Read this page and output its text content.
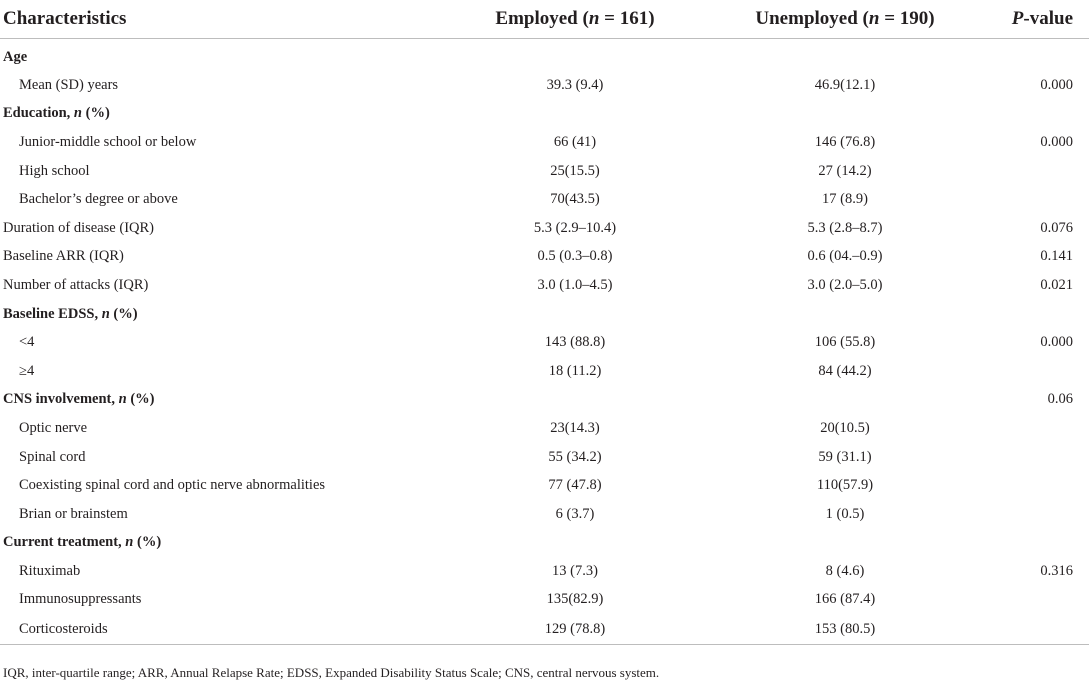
Characteristics	Employed (n = 161)	Unemployed (n = 190)	P-value
Age			
Mean (SD) years	39.3 (9.4)	46.9(12.1)	0.000
Education, n (%)			
Junior-middle school or below	66 (41)	146 (76.8)	0.000
High school	25(15.5)	27 (14.2)	
Bachelor’s degree or above	70(43.5)	17 (8.9)	
Duration of disease (IQR)	5.3 (2.9–10.4)	5.3 (2.8–8.7)	0.076
Baseline ARR (IQR)	0.5 (0.3–0.8)	0.6 (04.–0.9)	0.141
Number of attacks (IQR)	3.0 (1.0–4.5)	3.0 (2.0–5.0)	0.021
Baseline EDSS, n (%)			
<4	143 (88.8)	106 (55.8)	0.000
≥4	18 (11.2)	84 (44.2)	
CNS involvement, n (%)			0.06
Optic nerve	23(14.3)	20(10.5)	
Spinal cord	55 (34.2)	59 (31.1)	
Coexisting spinal cord and optic nerve abnormalities	77 (47.8)	110(57.9)	
Brian or brainstem	6 (3.7)	1 (0.5)	
Current treatment, n (%)			
Rituximab	13 (7.3)	8 (4.6)	0.316
Immunosuppressants	135(82.9)	166 (87.4)	
Corticosteroids	129 (78.8)	153 (80.5)	
IQR, inter-quartile range; ARR, Annual Relapse Rate; EDSS, Expanded Disability Status Scale; CNS, central nervous system.
